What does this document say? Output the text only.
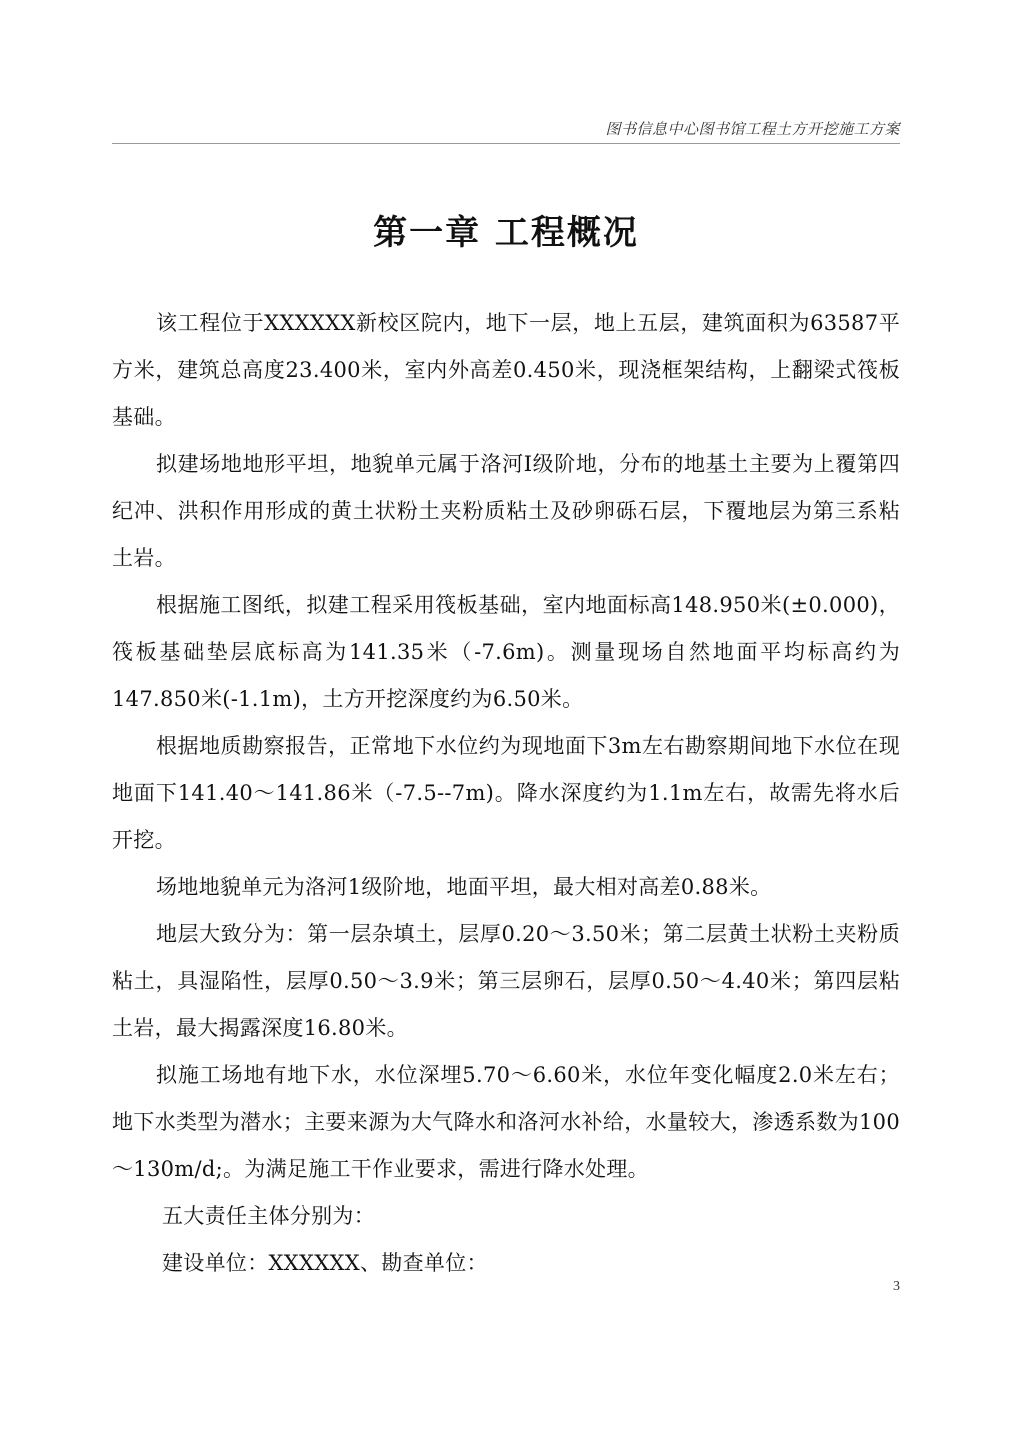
图书信息中心图书馆工程土方开挖施工方案
第一章 工程概况

该工程位于XXXXXX新校区院内，地下一层，地上五层，建筑面积为63587平方米，建筑总高度23.400米，室内外高差0.450米，现浇框架结构，上翻梁式筏板基础。

拟建场地地形平坦，地貌单元属于洛河Ⅰ级阶地，分布的地基土主要为上覆第四纪冲、洪积作用形成的黄土状粉土夹粉质粘土及砂卵砾石层，下覆地层为第三系粘土岩。

根据施工图纸，拟建工程采用筏板基础，室内地面标高148.950米(±0.000)，筏板基础垫层底标高为141.35米（-7.6m)。测量现场自然地面平均标高约为147.850米(-1.1m)，土方开挖深度约为6.50米。

根据地质勘察报告，正常地下水位约为现地面下3m左右勘察期间地下水位在现地面下141.40～141.86米（-7.5--7m)。降水深度约为1.1m左右，故需先将水后开挖。

场地地貌单元为洛河1级阶地，地面平坦，最大相对高差0.88米。

地层大致分为：第一层杂填土，层厚0.20～3.50米；第二层黄土状粉土夹粉质粘土，具湿陷性，层厚0.50～3.9米；第三层卵石，层厚0.50～4.40米；第四层粘土岩，最大揭露深度16.80米。

拟施工场地有地下水，水位深埋5.70～6.60米，水位年变化幅度2.0米左右；地下水类型为潜水；主要来源为大气降水和洛河水补给，水量较大，渗透系数为100～130m/d;。为满足施工干作业要求，需进行降水处理。

五大责任主体分别为：

建设单位：XXXXXX、勘查单位：

3
